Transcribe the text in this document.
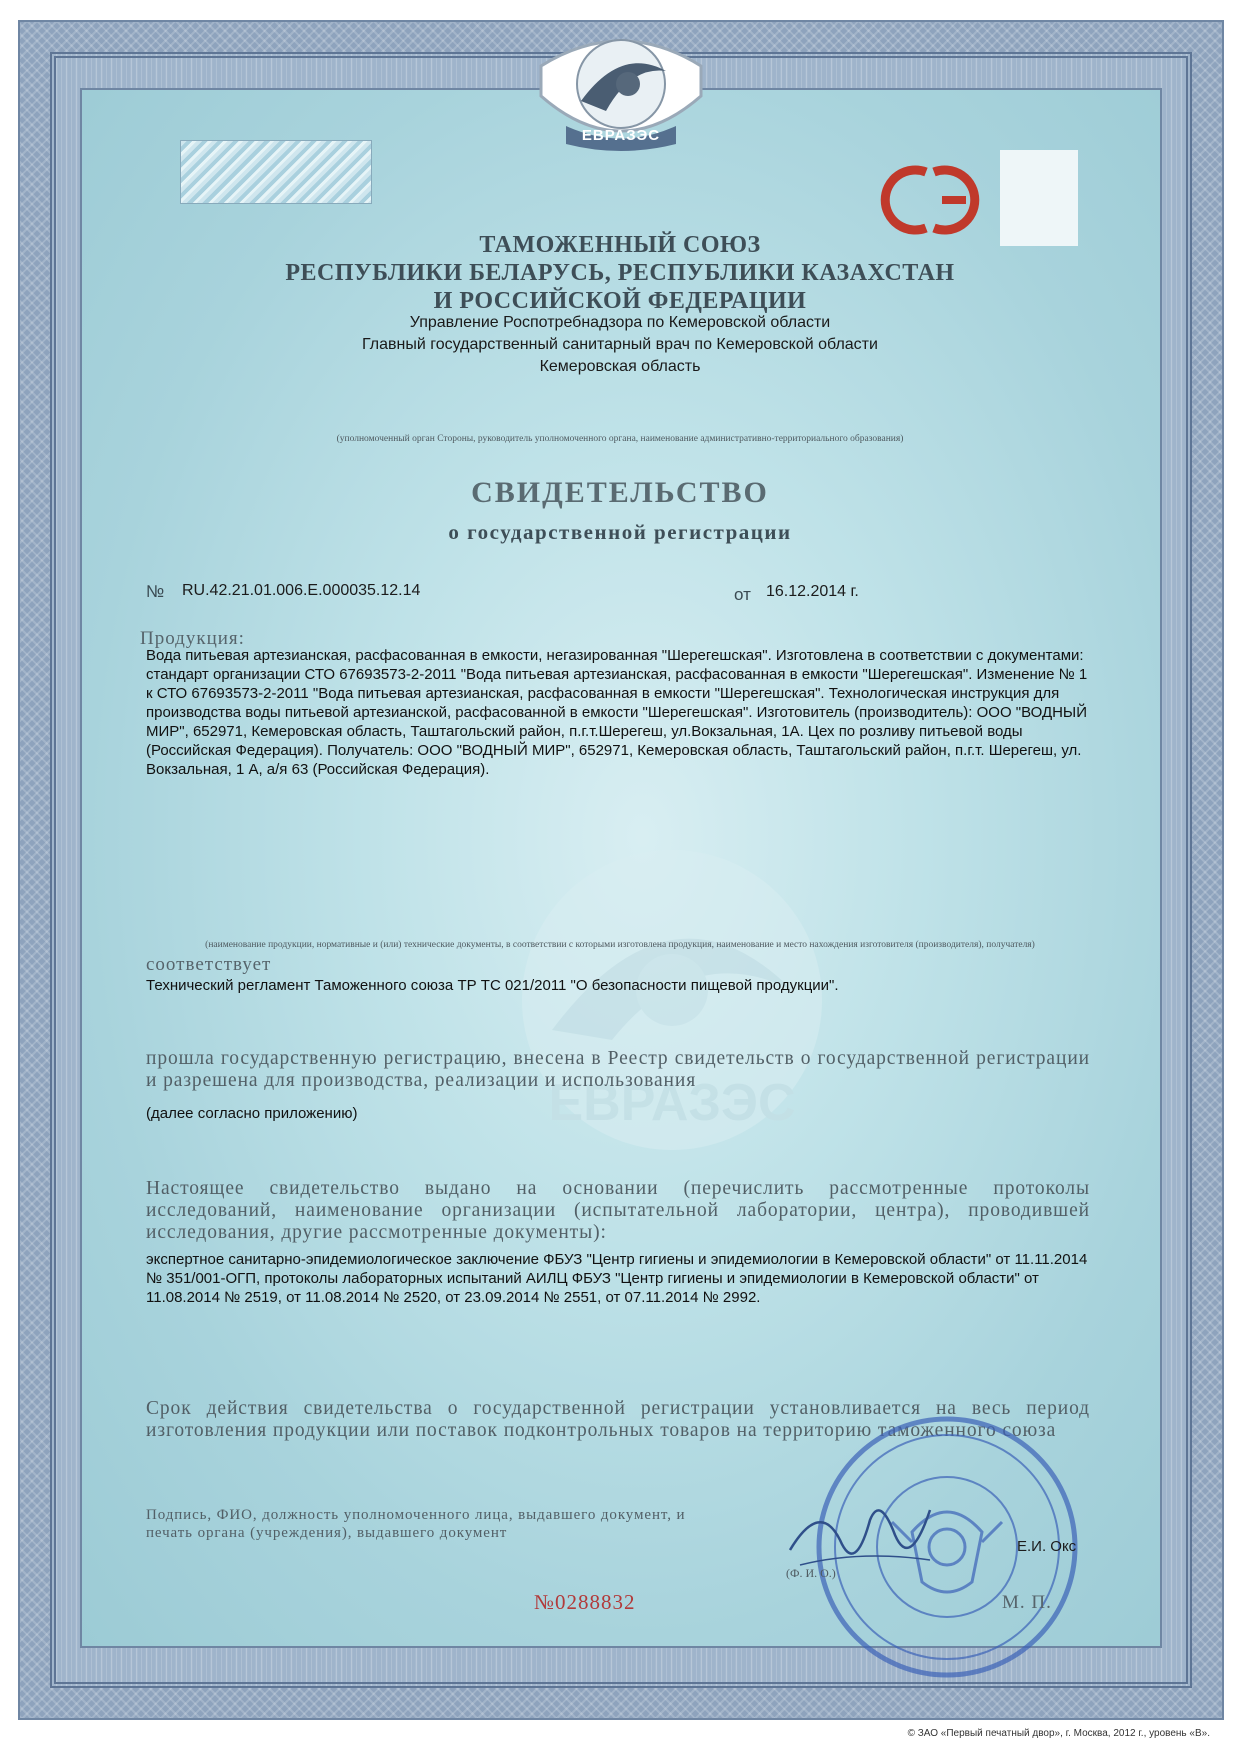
ЕВРАЗЭС
ЕВРАЗЭС
ТАМОЖЕННЫЙ СОЮЗ
РЕСПУБЛИКИ БЕЛАРУСЬ, РЕСПУБЛИКИ КАЗАХСТАН
И РОССИЙСКОЙ ФЕДЕРАЦИИ
Управление Роспотребнадзора по Кемеровской области
Главный государственный санитарный врач по Кемеровской области
Кемеровская область
(уполномоченный орган Стороны, руководитель уполномоченного органа, наименование административно-территориального образования)
СВИДЕТЕЛЬСТВО
о государственной регистрации
№ RU.42.21.01.006.Е.000035.12.14	от 16.12.2014 г.
Продукция:
Вода питьевая артезианская, расфасованная в емкости, негазированная "Шерегешская". Изготовлена в соответствии с документами: стандарт организации СТО 67693573-2-2011 "Вода питьевая артезианская, расфасованная в емкости "Шерегешская". Изменение № 1 к СТО 67693573-2-2011 "Вода питьевая артезианская, расфасованная в емкости "Шерегешская". Технологическая инструкция для производства воды питьевой артезианской, расфасованной в емкости "Шерегешская". Изготовитель (производитель): ООО "ВОДНЫЙ МИР", 652971, Кемеровская область, Таштагольский район, п.г.т.Шерегеш, ул.Вокзальная, 1А. Цех по розливу питьевой воды (Российская Федерация). Получатель: ООО "ВОДНЫЙ МИР", 652971, Кемеровская область, Таштагольский район, п.г.т. Шерегеш, ул. Вокзальная, 1 А, а/я 63 (Российская Федерация).
(наименование продукции, нормативные и (или) технические документы, в соответствии с которыми изготовлена продукция, наименование и место нахождения изготовителя (производителя), получателя)
соответствует
Технический регламент Таможенного союза ТР ТС 021/2011 "О безопасности пищевой продукции".
прошла государственную регистрацию, внесена в Реестр свидетельств о государственной регистрации и разрешена для производства, реализации и использования
(далее согласно приложению)
Настоящее свидетельство выдано на основании (перечислить рассмотренные протоколы исследований, наименование организации (испытательной лаборатории, центра), проводившей исследования, другие рассмотренные документы):
экспертное санитарно-эпидемиологическое заключение ФБУЗ "Центр гигиены и эпидемиологии в Кемеровской области" от 11.11.2014 № 351/001-ОГП, протоколы лабораторных испытаний АИЛЦ ФБУЗ "Центр гигиены и эпидемиологии в Кемеровской области" от 11.08.2014 № 2519, от 11.08.2014 № 2520, от 23.09.2014 № 2551, от 07.11.2014 № 2992.
Срок действия свидетельства о государственной регистрации установливается на весь период изготовления продукции или поставок подконтрольных товаров на территорию таможенного союза
Подпись, ФИО, должность уполномоченного лица, выдавшего документ, и печать органа (учреждения), выдавшего документ
Е.И. Окс
(Ф. И. О.)
М. П.
№0288832
© ЗАО «Первый печатный двор», г. Москва, 2012 г., уровень «В».
